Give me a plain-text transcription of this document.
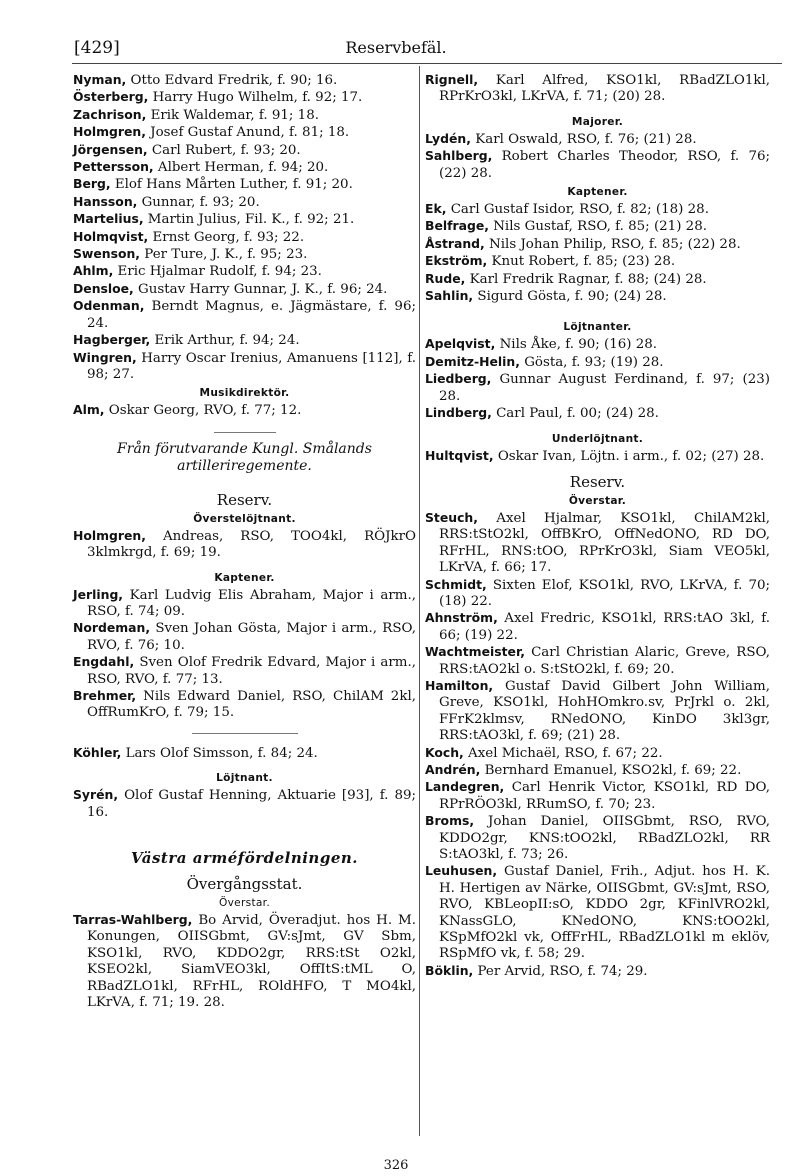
[429]	Reservbefäl.
Nyman, Otto Edvard Fredrik, f. 90; 16.
Österberg, Harry Hugo Wilhelm, f. 92; 17.
Zachrison, Erik Waldemar, f. 91; 18.
Holmgren, Josef Gustaf Anund, f. 81; 18.
Jörgensen, Carl Rubert, f. 93; 20.
Pettersson, Albert Herman, f. 94; 20.
Berg, Elof Hans Mårten Luther, f. 91; 20.
Hansson, Gunnar, f. 93; 20.
Martelius, Martin Julius, Fil. K., f. 92; 21.
Holmqvist, Ernst Georg, f. 93; 22.
Swenson, Per Ture, J. K., f. 95; 23.
Ahlm, Eric Hjalmar Rudolf, f. 94; 23.
Densloe, Gustav Harry Gunnar, J. K., f. 96; 24.
Odenman, Berndt Magnus, e. Jägmästare, f. 96; 24.
Hagberger, Erik Arthur, f. 94; 24.
Wingren, Harry Oscar Irenius, Amanuens [112], f. 98; 27.
Musikdirektör.
Alm, Oskar Georg, RVO, f. 77; 12.
Från förutvarande Kungl. Smålands artilleriregemente.
Reserv.
Överstelöjtnant.
Holmgren, Andreas, RSO, TOO4kl, RÖJkrO 3klmkrgd, f. 69; 19.
Kaptener.
Jerling, Karl Ludvig Elis Abraham, Major i arm., RSO, f. 74; 09.
Nordeman, Sven Johan Gösta, Major i arm., RSO, RVO, f. 76; 10.
Engdahl, Sven Olof Fredrik Edvard, Major i arm., RSO, RVO, f. 77; 13.
Brehmer, Nils Edward Daniel, RSO, ChilAM 2kl, OffRumKrO, f. 79; 15.
Köhler, Lars Olof Simsson, f. 84; 24.
Löjtnant.
Syrén, Olof Gustaf Henning, Aktuarie [93], f. 89; 16.
Västra arméfördelningen.
Övergångsstat.
Överstar.
Tarras-Wahlberg, Bo Arvid, Överadjut. hos H. M. Konungen, OIISGbmt, GV:sJmt, GV Sbm, KSO1kl, RVO, KDDO2gr, RRS:tSt O2kl, KSEO2kl, SiamVEO3kl, OffItS:tML O, RBadZLO1kl, RFrHL, ROldHFO, T MO4kl, LKrVA, f. 71; 19. 28.
Rignell, Karl Alfred, KSO1kl, RBadZLO1kl, RPrKrO3kl, LKrVA, f. 71; (20) 28.
Majorer.
Lydén, Karl Oswald, RSO, f. 76; (21) 28.
Sahlberg, Robert Charles Theodor, RSO, f. 76; (22) 28.
Kaptener.
Ek, Carl Gustaf Isidor, RSO, f. 82; (18) 28.
Belfrage, Nils Gustaf, RSO, f. 85; (21) 28.
Åstrand, Nils Johan Philip, RSO, f. 85; (22) 28.
Ekström, Knut Robert, f. 85; (23) 28.
Rude, Karl Fredrik Ragnar, f. 88; (24) 28.
Sahlin, Sigurd Gösta, f. 90; (24) 28.
Löjtnanter.
Apelqvist, Nils Åke, f. 90; (16) 28.
Demitz-Helin, Gösta, f. 93; (19) 28.
Liedberg, Gunnar August Ferdinand, f. 97; (23) 28.
Lindberg, Carl Paul, f. 00; (24) 28.
Underlöjtnant.
Hultqvist, Oskar Ivan, Löjtn. i arm., f. 02; (27) 28.
Reserv.
Överstar.
Steuch, Axel Hjalmar, KSO1kl, ChilAM2kl, RRS:tStO2kl, OffBKrO, OffNedONO, RD DO, RFrHL, RNS:tOO, RPrKrO3kl, Siam VEO5kl, LKrVA, f. 66; 17.
Schmidt, Sixten Elof, KSO1kl, RVO, LKrVA, f. 70; (18) 22.
Ahnström, Axel Fredric, KSO1kl, RRS:tAO 3kl, f. 66; (19) 22.
Wachtmeister, Carl Christian Alaric, Greve, RSO, RRS:tAO2kl o. S:tStO2kl, f. 69; 20.
Hamilton, Gustaf David Gilbert John William, Greve, KSO1kl, HohHOmkro.sv, PrJrkl o. 2kl, FFrK2klmsv, RNedONO, KinDO 3kl3gr, RRS:tAO3kl, f. 69; (21) 28.
Koch, Axel Michaël, RSO, f. 67; 22.
Andrén, Bernhard Emanuel, KSO2kl, f. 69; 22.
Landegren, Carl Henrik Victor, KSO1kl, RD DO, RPrRÖO3kl, RRumSO, f. 70; 23.
Broms, Johan Daniel, OIISGbmt, RSO, RVO, KDDO2gr, KNS:tOO2kl, RBadZLO2kl, RR S:tAO3kl, f. 73; 26.
Leuhusen, Gustaf Daniel, Frih., Adjut. hos H. K. H. Hertigen av Närke, OIISGbmt, GV:sJmt, RSO, RVO, KBLeopII:sO, KDDO 2gr, KFinlVRO2kl, KNassGLO, KNedONO, KNS:tOO2kl, KSpMfO2kl vk, OffFrHL, RBadZLO1kl m eklöv, RSpMfO vk, f. 58; 29.
Böklin, Per Arvid, RSO, f. 74; 29.
326
